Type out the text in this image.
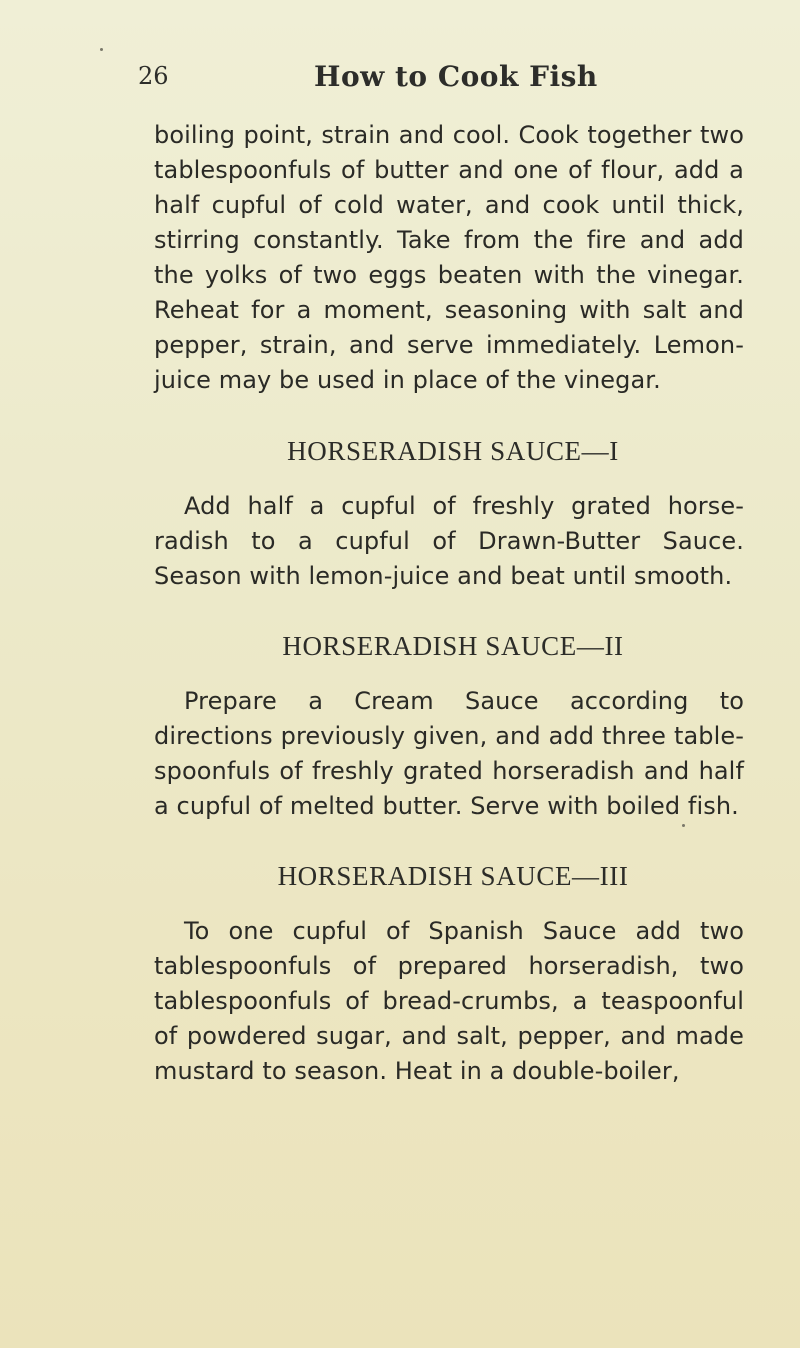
26	How to Cook Fish

boiling point, strain and cool. Cook together two tablespoonfuls of butter and one of flour, add a half cupful of cold water, and cook until thick, stirring constantly. Take from the fire and add the yolks of two eggs beaten with the vinegar. Reheat for a moment, seasoning with salt and pepper, strain, and serve immediately. Lemon-juice may be used in place of the vinegar.

HORSERADISH SAUCE—I

Add half a cupful of freshly grated horse-radish to a cupful of Drawn-Butter Sauce. Season with lemon-juice and beat until smooth.

HORSERADISH SAUCE—II

Prepare a Cream Sauce according to directions previously given, and add three table-spoonfuls of freshly grated horseradish and half a cupful of melted butter. Serve with boiled fish.

HORSERADISH SAUCE—III

To one cupful of Spanish Sauce add two tablespoonfuls of prepared horseradish, two tablespoonfuls of bread-crumbs, a teaspoonful of powdered sugar, and salt, pepper, and made mustard to season. Heat in a double-boiler,
